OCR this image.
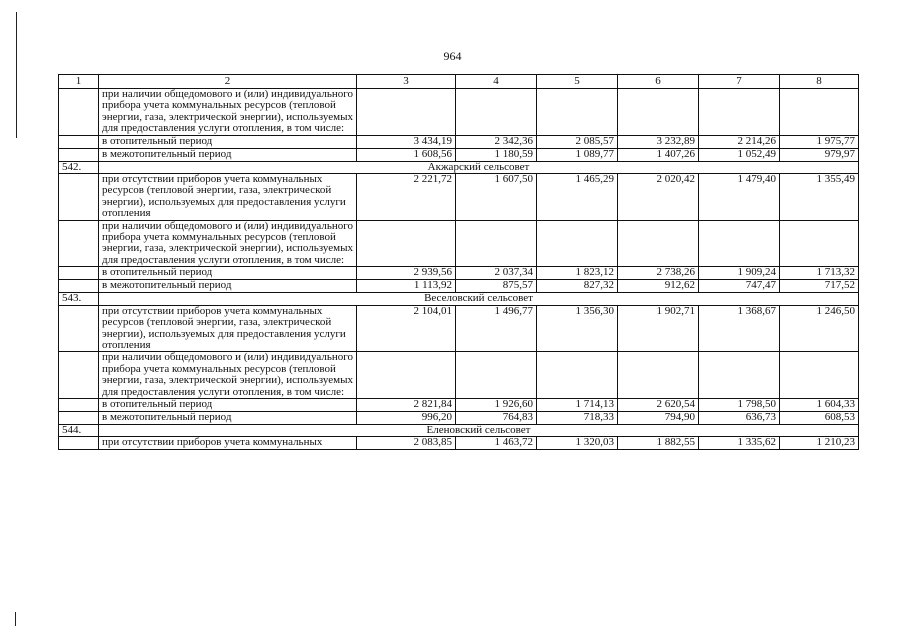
964
1	2	3	4	5	6	7	8
	при наличии общедомового и (или) индивидуального прибора учета коммунальных ресурсов (тепловой энергии, газа, электрической энергии), используемых для предоставления услуги отопления, в том числе:						
	в отопительный период	3 434,19	2 342,36	2 085,57	3 232,89	2 214,26	1 975,77
	в межотопительный период	1 608,56	1 180,59	1 089,77	1 407,26	1 052,49	979,97
542.	Акжарский сельсовет						
	при отсутствии приборов учета коммунальных ресурсов (тепловой энергии, газа, электрической энергии), используемых для предоставления услуги отопления	2 221,72	1 607,50	1 465,29	2 020,42	1 479,40	1 355,49
	при наличии общедомового и (или) индивидуального прибора учета коммунальных ресурсов (тепловой энергии, газа, электрической энергии), используемых для предоставления услуги отопления, в том числе:						
	в отопительный период	2 939,56	2 037,34	1 823,12	2 738,26	1 909,24	1 713,32
	в межотопительный период	1 113,92	875,57	827,32	912,62	747,47	717,52
543.	Веселовский сельсовет						
	при отсутствии приборов учета коммунальных ресурсов (тепловой энергии, газа, электрической энергии), используемых для предоставления услуги отопления	2 104,01	1 496,77	1 356,30	1 902,71	1 368,67	1 246,50
	при наличии общедомового и (или) индивидуального прибора учета коммунальных ресурсов (тепловой энергии, газа, электрической энергии), используемых для предоставления услуги отопления, в том числе:						
	в отопительный период	2 821,84	1 926,60	1 714,13	2 620,54	1 798,50	1 604,33
	в межотопительный период	996,20	764,83	718,33	794,90	636,73	608,53
544.	Еленовский сельсовет						
	при отсутствии приборов учета коммунальных	2 083,85	1 463,72	1 320,03	1 882,55	1 335,62	1 210,23
